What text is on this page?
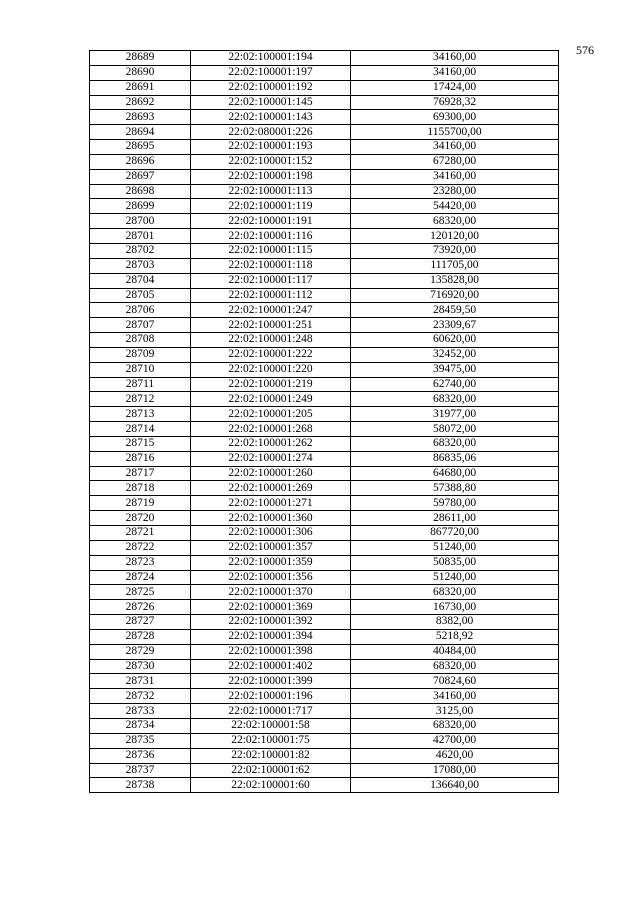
576
28689	22:02:100001:194	34160,00
28690	22:02:100001:197	34160,00
28691	22:02:100001:192	17424,00
28692	22:02:100001:145	76928,32
28693	22:02:100001:143	69300,00
28694	22:02:080001:226	1155700,00
28695	22:02:100001:193	34160,00
28696	22:02:100001:152	67280,00
28697	22:02:100001:198	34160,00
28698	22:02:100001:113	23280,00
28699	22:02:100001:119	54420,00
28700	22:02:100001:191	68320,00
28701	22:02:100001:116	120120,00
28702	22:02:100001:115	73920,00
28703	22:02:100001:118	111705,00
28704	22:02:100001:117	135828,00
28705	22:02:100001:112	716920,00
28706	22:02:100001:247	28459,50
28707	22:02:100001:251	23309,67
28708	22:02:100001:248	60620,00
28709	22:02:100001:222	32452,00
28710	22:02:100001:220	39475,00
28711	22:02:100001:219	62740,00
28712	22:02:100001:249	68320,00
28713	22:02:100001:205	31977,00
28714	22:02:100001:268	58072,00
28715	22:02:100001:262	68320,00
28716	22:02:100001:274	86835,06
28717	22:02:100001:260	64680,00
28718	22:02:100001:269	57388,80
28719	22:02:100001:271	59780,00
28720	22:02:100001:360	28611,00
28721	22:02:100001:306	867720,00
28722	22:02:100001:357	51240,00
28723	22:02:100001:359	50835,00
28724	22:02:100001:356	51240,00
28725	22:02:100001:370	68320,00
28726	22:02:100001:369	16730,00
28727	22:02:100001:392	8382,00
28728	22:02:100001:394	5218,92
28729	22:02:100001:398	40484,00
28730	22:02:100001:402	68320,00
28731	22:02:100001:399	70824,60
28732	22:02:100001:196	34160,00
28733	22:02:100001:717	3125,00
28734	22:02:100001:58	68320,00
28735	22:02:100001:75	42700,00
28736	22:02:100001:82	4620,00
28737	22:02:100001:62	17080,00
28738	22:02:100001:60	136640,00
